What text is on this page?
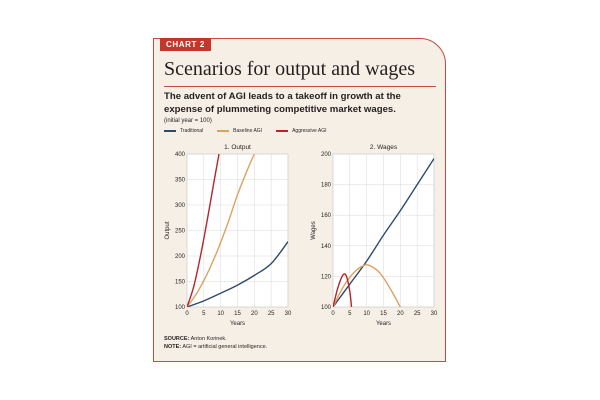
CHART 2
Scenarios for output and wages
The advent of AGI leads to a takeoff in growth at the expense of plummeting competitive market wages.
(initial year = 100)
Traditional	Baseline AGI	Aggressive AGI
0 5 10 15 20 25 30
100
150
200
250
300
350
400
1. Output
Years
Output
0 5 10 15 20 25 30
100
120
140
160
180
200
2. Wages
Years
Wages
SOURCE: Anton Korinek.
NOTE: AGI = artificial general intelligence.
